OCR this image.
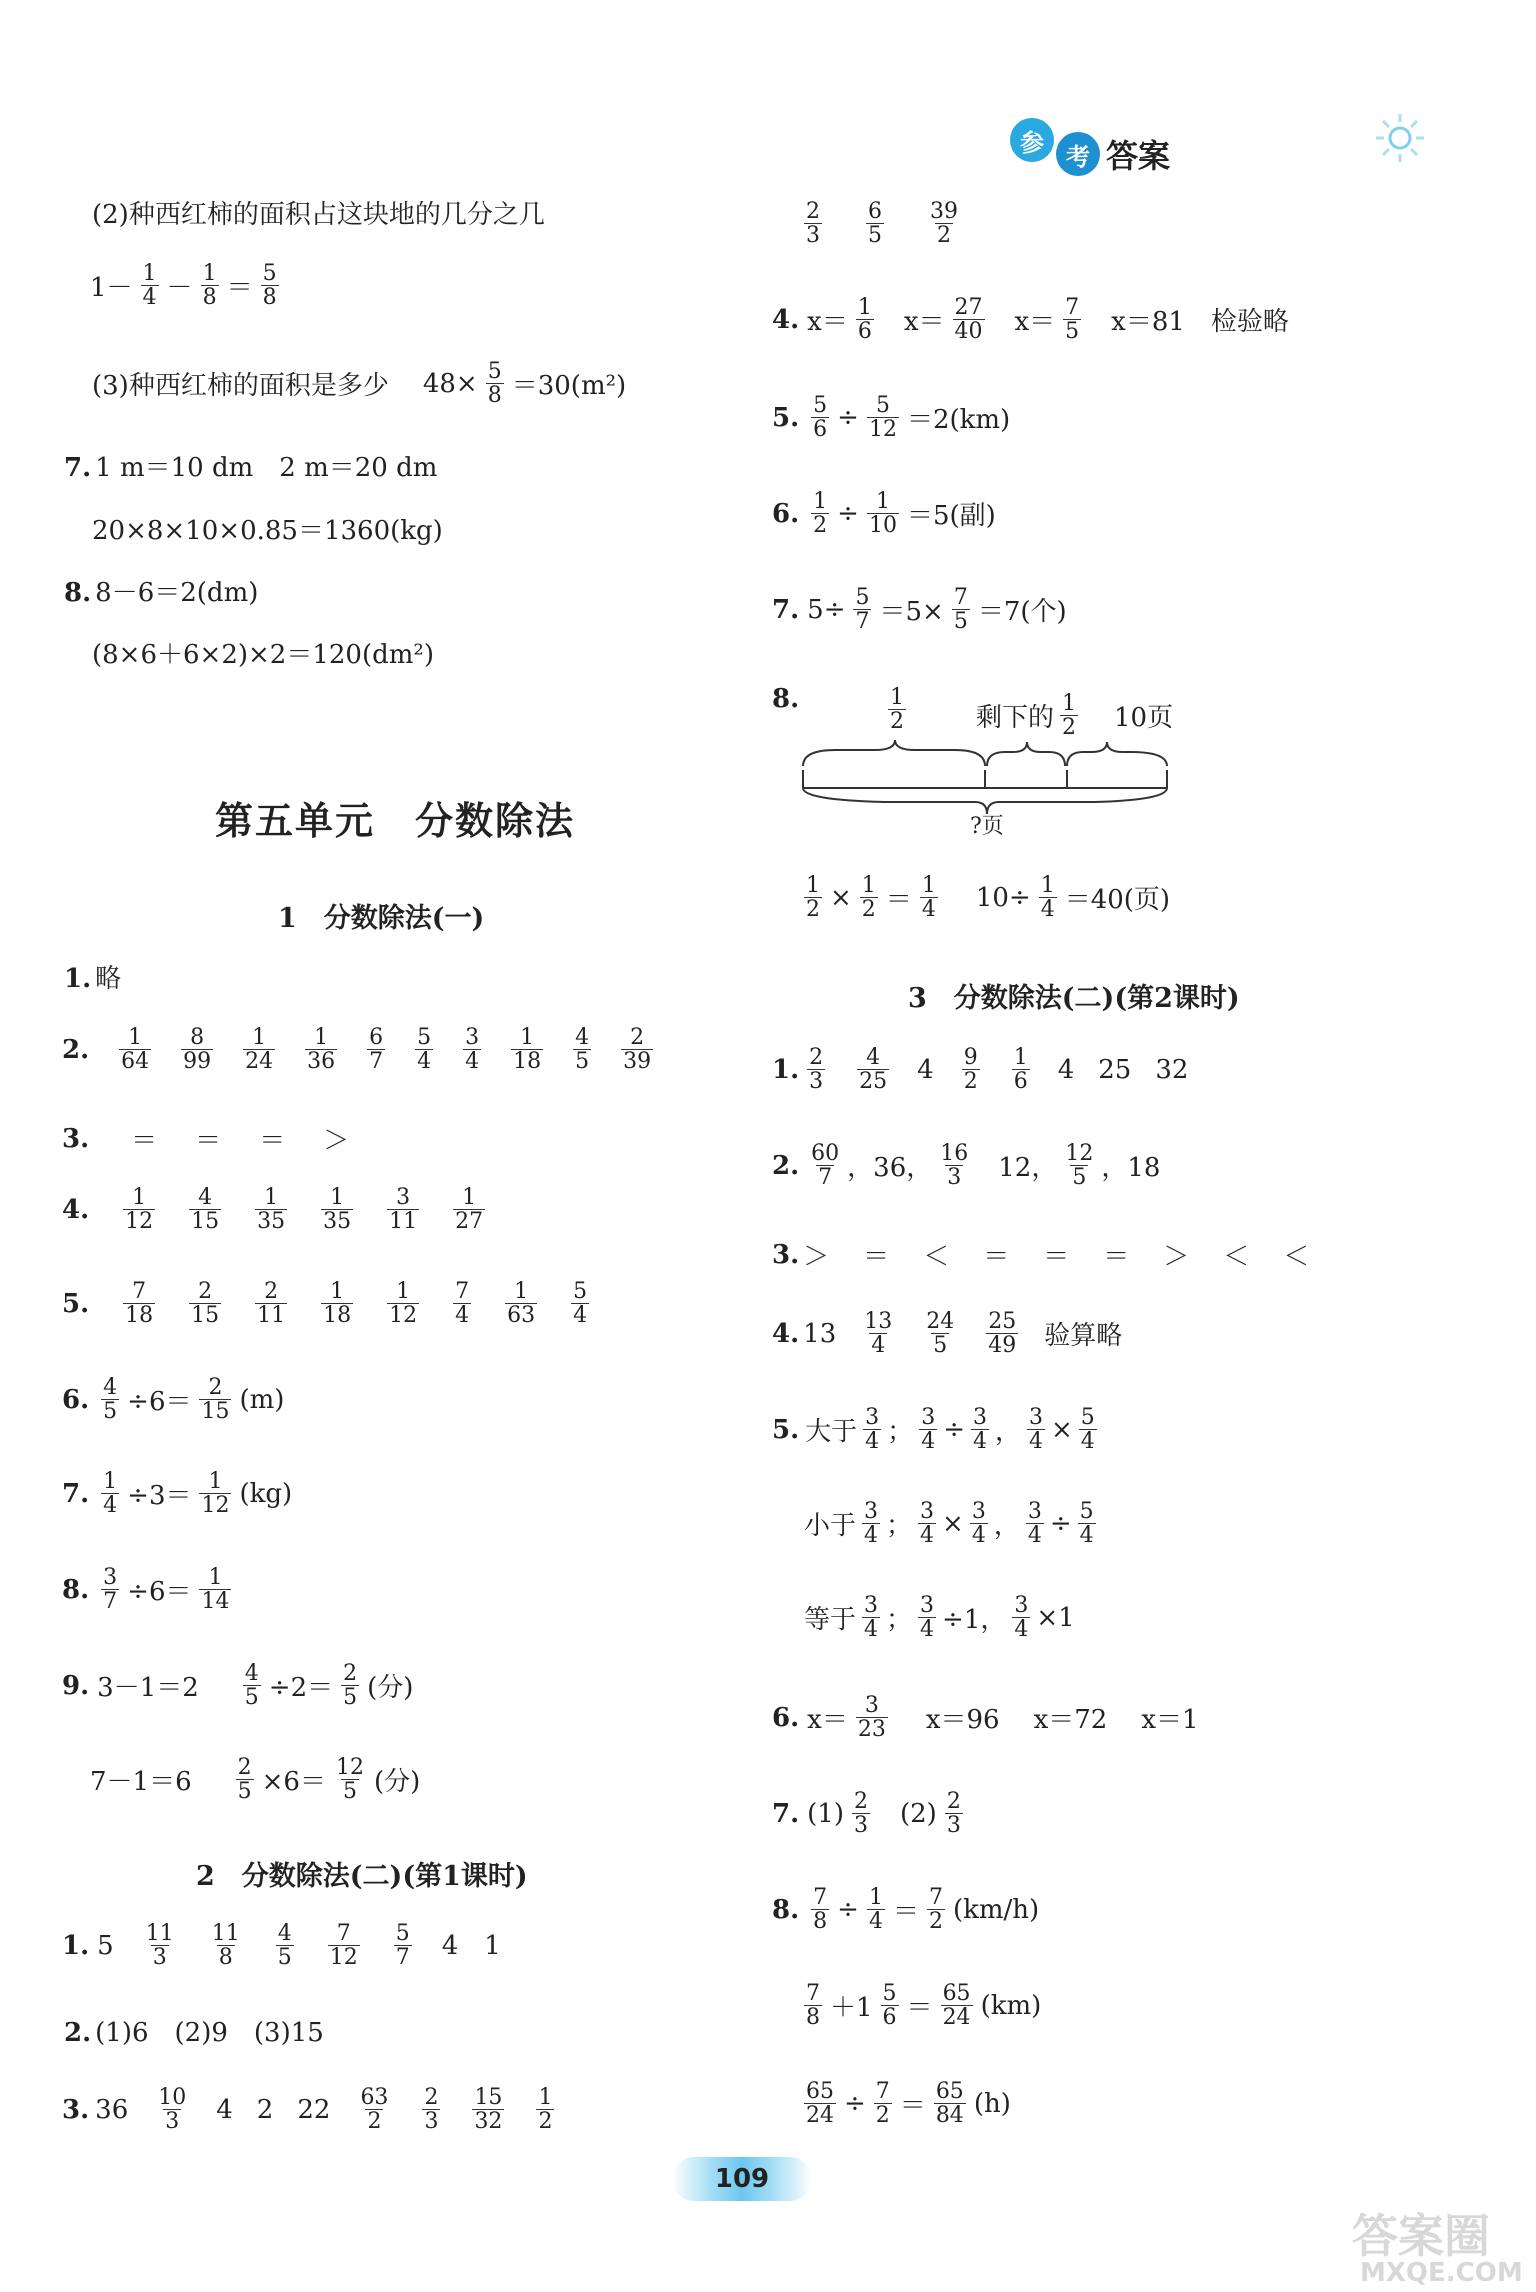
参 考 答案
(2)种西红柿的面积占这块地的几分之几
1－ 1
4 － 1
8 ＝ 5
8
(3)种西红柿的面积是多少 $48\times \frac{5}{8} =30(m^2)$
7. 1 m＝10 dm　2 m＝20 dm
20×8×10×0.85＝1360(kg)
8. 8－6＝2(dm)
(8×6＋6×2)×2＝120(dm²)
第五单元　分数除法
1　分数除法(一)
1. 略
2. 1
64
8
99
1
24
1
36
6
7
5
4
3
4
1
18
4
5
2
39
3. ＝ ＝ ＝ ＞
4. 1
12
4
15
1
35
1
35
3
11
1
27
5. 7
18
2
15
2
11
1
18
1
12
7
4
1
63
5
4
6. $\frac{4}{5} \div 6= 2$
15 (m)
7. $\frac{1}{4} \div 3= 1$
12 (kg)
8. $\frac{3}{7} \div 6= 1$
14
9. $3-1=2 \frac{4}{5} \div 2= 2$
5 (分)
$7-1=6 \frac{2}{5} \times 6= 12$
5 (分)
2　分数除法(二)(第1课时)
1. 5 11
3
11
8
4
5
7
12
5
7 4 1
2. (1)6　(2)9　(3)15
3. 36 10
3 4 2 22 63
2
2
3
15
32
1
2
2
3
6
5
39
2
4. x＝ 1
6 x＝ 27
40 x＝ 7
5 x＝81 检验略
5. $\frac{5}{6} \div \frac{5}{12} =2(km)$
6. $\frac{1}{2} \div \frac{1}{10} =5$(副)
7. $5\div \frac{5}{7} =5\times \frac{7}{5} =7$(个)
8.	1
2	剩下的 1
2 10页
?页
$\frac{1}{2} \times \frac{1}{2} = 1$
4 $10\div \frac{1}{4} =40$(页)
3　分数除法(二)(第2课时)
1. 2
3
4
25 4 9
2
1
6 4 25 32
2. 60
7 ，36， 16
3 12， 12
5 ，18
3. ＞ ＝ ＜ ＝ ＝ ＝ ＞ ＜ ＜
4. 13 13
4
24
5
25
49 验算略
5. 大于 3
4 ； $\frac{3}{4} \div \frac{3}{4}$ ， $\frac{3}{4} \times \frac{5}{4}$
小于 3
4 ； $\frac{3}{4} \times \frac{3}{4}$ ， $\frac{3}{4} \div \frac{5}{4}$
等于 3
4 ； $\frac{3}{4} \div 1$， $\frac{3}{4} \times 1$
6. x＝ 3
23 x＝96 x＝72 x＝1
7. (1) 2
3 (2) 2
3
8. $\frac{7}{8} \div \frac{1}{4} = 7$
2 (km/h)
7
8 ＋1 5
6 ＝ 65
24 (km)
$\frac{65}{24} \div \frac{7}{2} = 65$
84 (h)
109
答案圈
MXQE.COM
